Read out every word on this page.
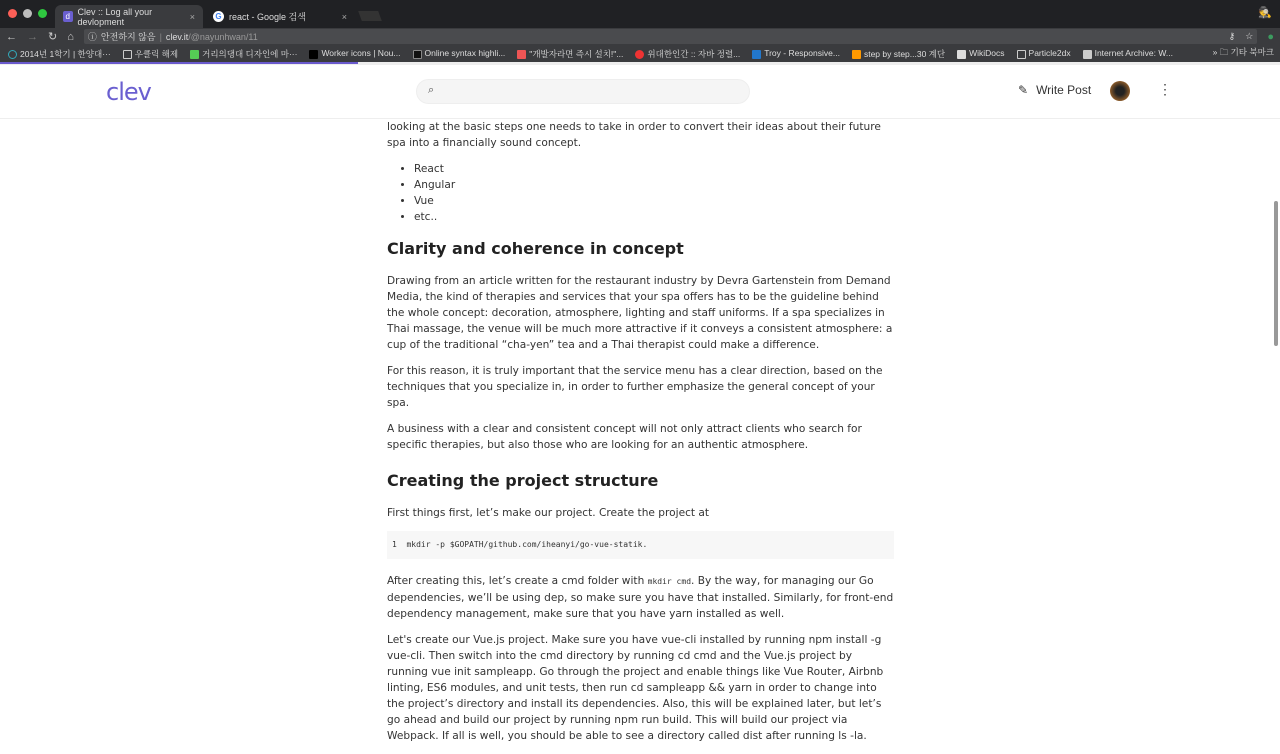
d Clev :: Log all your devlopment	×	G react - Google 검색	×	🕵
← → ↻ ⌂ ⓘ 안전하지 않음 | clev.it/@nayunhwan/11	⚷ ☆ ●
2014년 1학기 | 한양대···	우클릭 해제	거리의댕대 디자인에 마···	Worker icons | Nou...	Online syntax highli...	"개발자라면 즉시 설치!"...	위대한인간 :: 자바 정렬...	Troy - Responsive...	step by step...30 계단	WikiDocs	Particle2dx	Internet Archive: W...	» 🗀 기타 북마크
clev	⌕	✎ Write Post	⋮

looking at the basic steps one needs to take in order to convert their ideas about their future spa into a financially sound concept.

• React
• Angular
• Vue
• etc..
Clarity and coherence in concept

Drawing from an article written for the restaurant industry by Devra Gartenstein from Demand Media, the kind of therapies and services that your spa offers has to be the guideline behind the whole concept: decoration, atmosphere, lighting and staff uniforms. If a spa specializes in Thai massage, the venue will be much more attractive if it conveys a consistent atmosphere: a cup of the traditional “cha-yen” tea and a Thai therapist could make a difference.

For this reason, it is truly important that the service menu has a clear direction, based on the techniques that you specialize in, in order to further emphasize the general concept of your spa.

A business with a clear and consistent concept will not only attract clients who search for specific therapies, but also those who are looking for an authentic atmosphere.

Creating the project structure

First things first, let’s make our project. Create the project at

1 mkdir -p $GOPATH/github.com/iheanyi/go-vue-statik.

After creating this, let’s create a cmd folder with mkdir cmd. By the way, for managing our Go dependencies, we’ll be using dep, so make sure you have that installed. Similarly, for front-end dependency management, make sure that you have yarn installed as well.

Let's create our Vue.js project. Make sure you have vue-cli installed by running npm install -g vue-cli. Then switch into the cmd directory by running cd cmd and the Vue.js project by running vue init sampleapp. Go through the project and enable things like Vue Router, Airbnb linting, ES6 modules, and unit tests, then run cd sampleapp && yarn in order to change into the project’s directory and install its dependencies. Also, this will be explained later, but let’s go ahead and build our project by running npm run build. This will build our project via Webpack. If all is well, you should be able to see a directory called dist after running ls -la.
